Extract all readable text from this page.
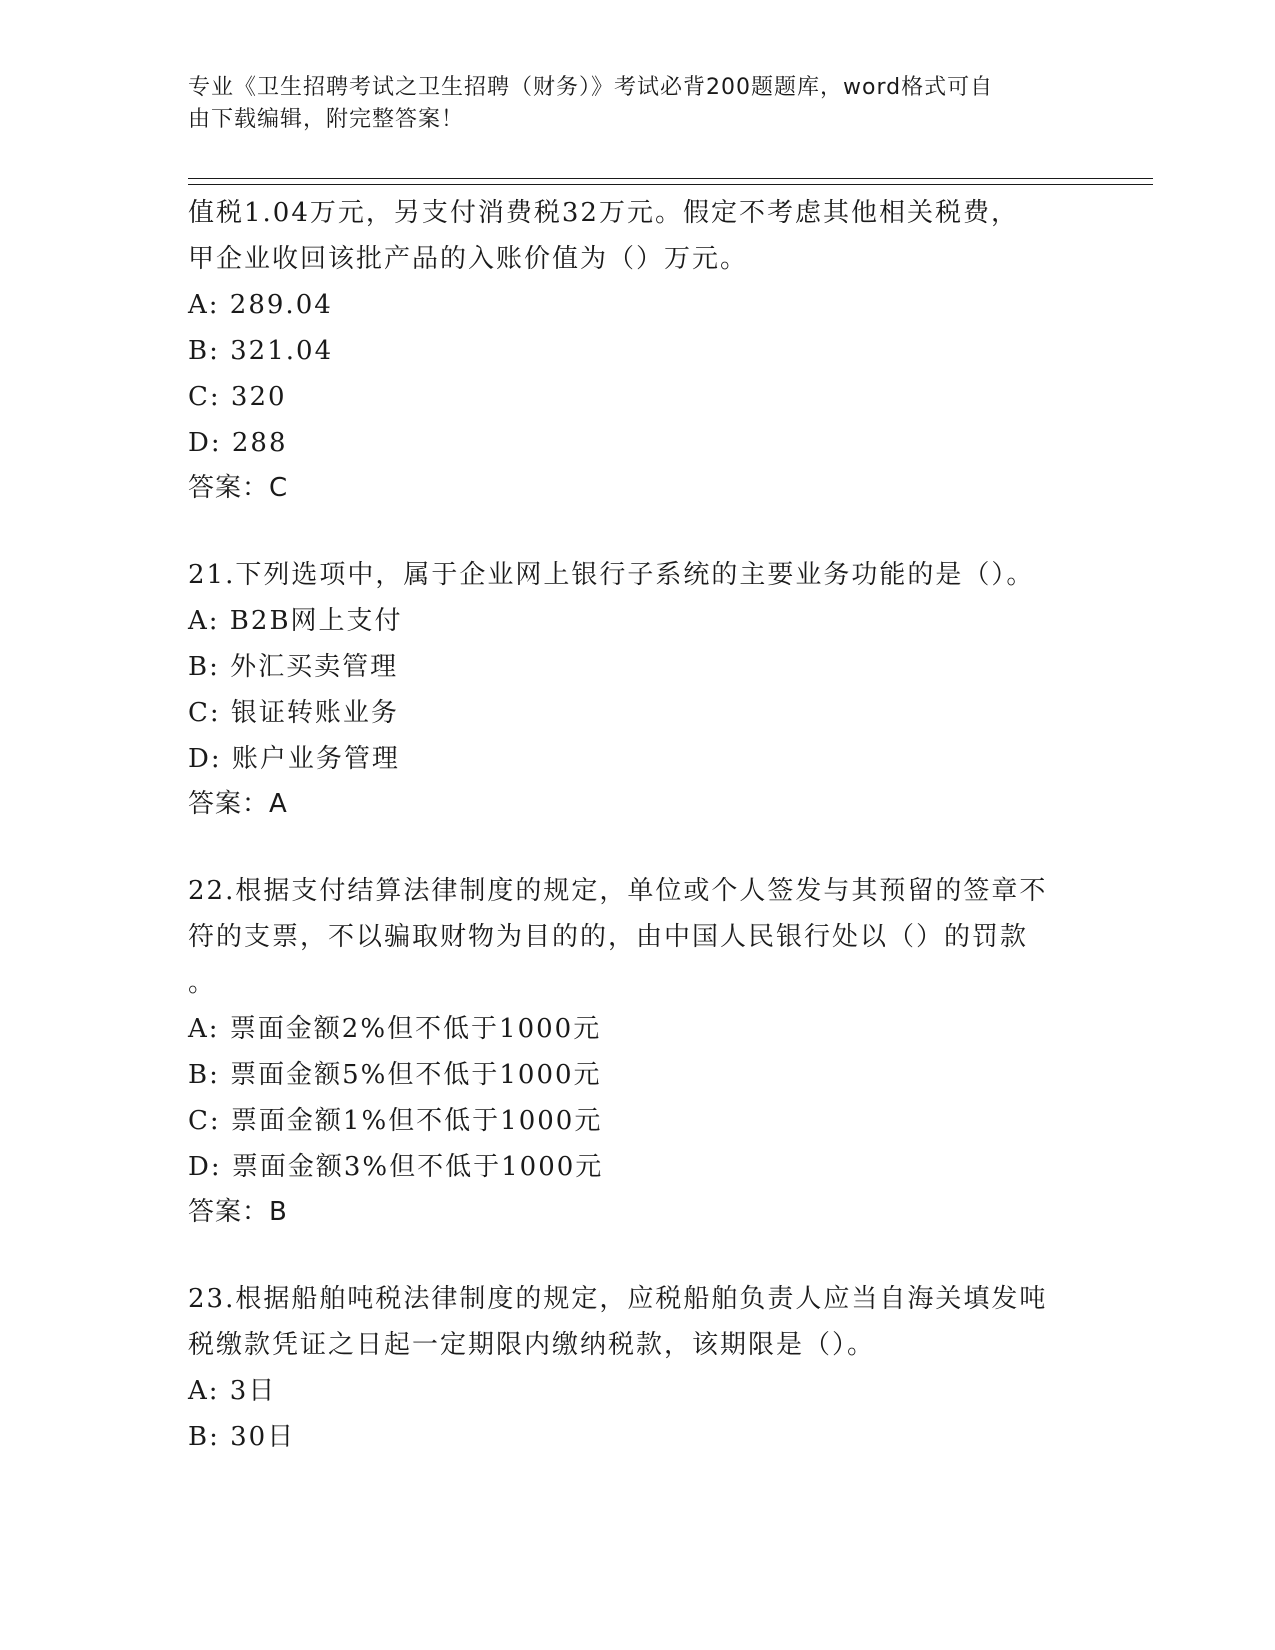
专业《卫生招聘考试之卫生招聘（财务）》考试必背200题题库，word格式可自
由下载编辑，附完整答案！
值税1.04万元，另支付消费税32万元。假定不考虑其他相关税费，
甲企业收回该批产品的入账价值为（）万元。
A: 289.04
B: 321.04
C: 320
D: 288
答案：C
21.下列选项中，属于企业网上银行子系统的主要业务功能的是（）。
A: B2B网上支付
B: 外汇买卖管理
C: 银证转账业务
D: 账户业务管理
答案：A
22.根据支付结算法律制度的规定，单位或个人签发与其预留的签章不
符的支票，不以骗取财物为目的的，由中国人民银行处以（）的罚款
。
A: 票面金额2%但不低于1000元
B: 票面金额5%但不低于1000元
C: 票面金额1%但不低于1000元
D: 票面金额3%但不低于1000元
答案：B
23.根据船舶吨税法律制度的规定，应税船舶负责人应当自海关填发吨
税缴款凭证之日起一定期限内缴纳税款，该期限是（）。
A: 3日
B: 30日
